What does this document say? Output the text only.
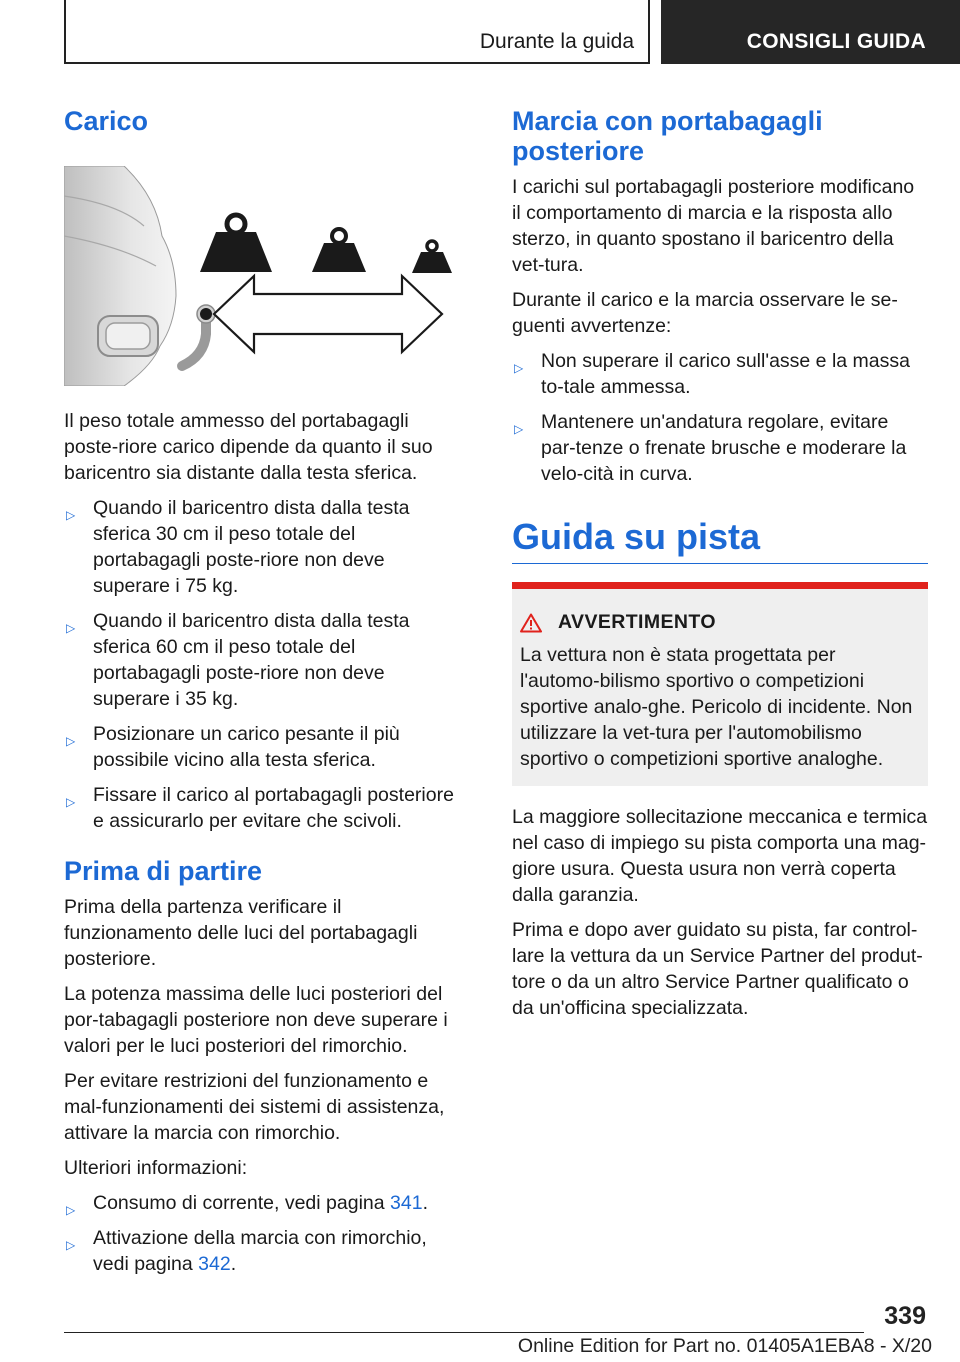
Durante la guida	CONSIGLI GUIDA
Carico

Il peso totale ammesso del portabagagli poste-riore carico dipende da quanto il suo baricentro sia distante dalla testa sferica.

▷ Quando il baricentro dista dalla testa sferica 30 cm il peso totale del portabagagli poste-riore non deve superare i 75 kg.
▷ Quando il baricentro dista dalla testa sferica 60 cm il peso totale del portabagagli poste-riore non deve superare i 35 kg.
▷ Posizionare un carico pesante il più possibile vicino alla testa sferica.
▷ Fissare il carico al portabagagli posteriore e assicurarlo per evitare che scivoli.
Prima di partire

Prima della partenza verificare il funzionamento delle luci del portabagagli posteriore.

La potenza massima delle luci posteriori del por-tabagagli posteriore non deve superare i valori per le luci posteriori del rimorchio.

Per evitare restrizioni del funzionamento e mal-funzionamenti dei sistemi di assistenza, attivare la marcia con rimorchio.

Ulteriori informazioni:

▷ Consumo di corrente, vedi pagina 341.
▷ Attivazione della marcia con rimorchio, vedi pagina 342.
Marcia con portabagagli posteriore

I carichi sul portabagagli posteriore modificano il comportamento di marcia e la risposta allo sterzo, in quanto spostano il baricentro della vet-tura.

Durante il carico e la marcia osservare le se-guenti avvertenze:

▷ Non superare il carico sull'asse e la massa to-tale ammessa.
▷ Mantenere un'andatura regolare, evitare par-tenze o frenate brusche e moderare la velo-cità in curva.
Guida su pista
AVVERTIMENTO

La vettura non è stata progettata per l'automo-bilismo sportivo o competizioni sportive analo-ghe. Pericolo di incidente. Non utilizzare la vet-tura per l'automobilismo sportivo o competizioni sportive analoghe.

La maggiore sollecitazione meccanica e termica nel caso di impiego su pista comporta una mag-giore usura. Questa usura non verrà coperta dalla garanzia.

Prima e dopo aver guidato su pista, far control-lare la vettura da un Service Partner del produt-tore o da un altro Service Partner qualificato o da un'officina specializzata.

339
Online Edition for Part no. 01405A1EBA8 - X/20
